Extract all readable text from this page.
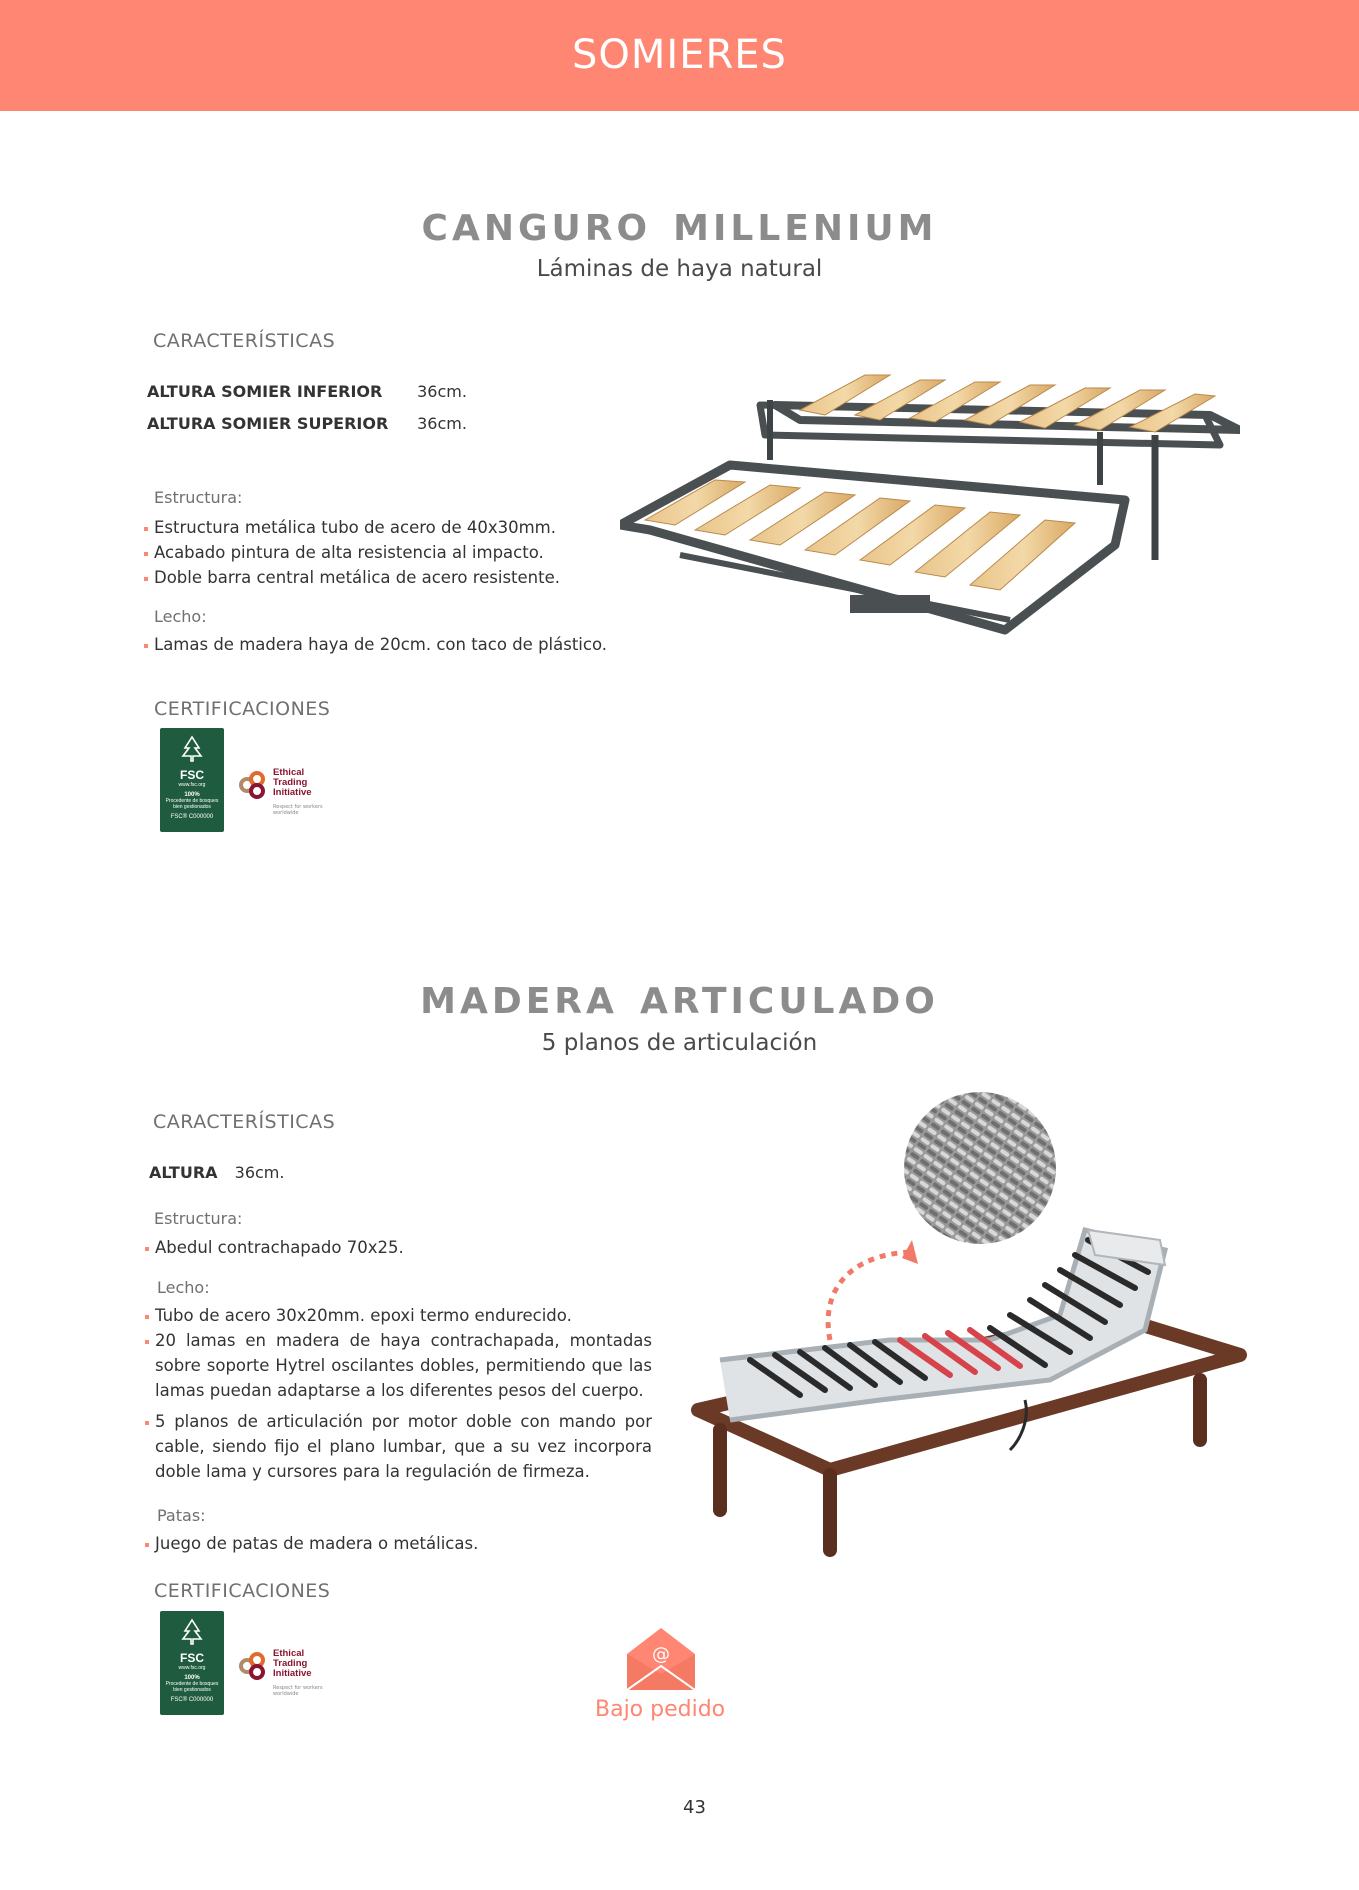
SOMIERES
canguro millenium
Láminas de haya natural
CARACTERÍSTICAS
ALTURA SOMIER INFERIOR 36cm.
ALTURA SOMIER SUPERIOR 36cm.
Estructura:
Estructura metálica tubo de acero de 40x30mm.
Acabado pintura de alta resistencia al impacto.
Doble barra central metálica de acero resistente.
Lecho:
Lamas de madera haya de 20cm. con taco de plástico.
CERTIFICACIONES
FSC
www.fsc.org
100%
Procedente de bosques bien gestionados
FSC® C000000
Ethical Trading Initiative
Respect for workers worldwide
madera articulado
5 planos de articulación
CARACTERÍSTICAS
ALTURA 36cm.
Estructura:
Abedul contrachapado 70x25.
Lecho:
Tubo de acero 30x20mm. epoxi termo endurecido.
20 lamas en madera de haya contrachapada, montadas sobre soporte Hytrel oscilantes dobles, permitiendo que las lamas puedan adaptarse a los diferentes pesos del cuerpo.
5 planos de articulación por motor doble con mando por cable, siendo fijo el plano lumbar, que a su vez incorpora doble lama y cursores para la regulación de firmeza.
Patas:
Juego de patas de madera o metálicas.
CERTIFICACIONES
FSC
www.fsc.org
100%
Procedente de bosques bien gestionados
FSC® C000000
Ethical Trading Initiative
Respect for workers worldwide
@
Bajo pedido
43
